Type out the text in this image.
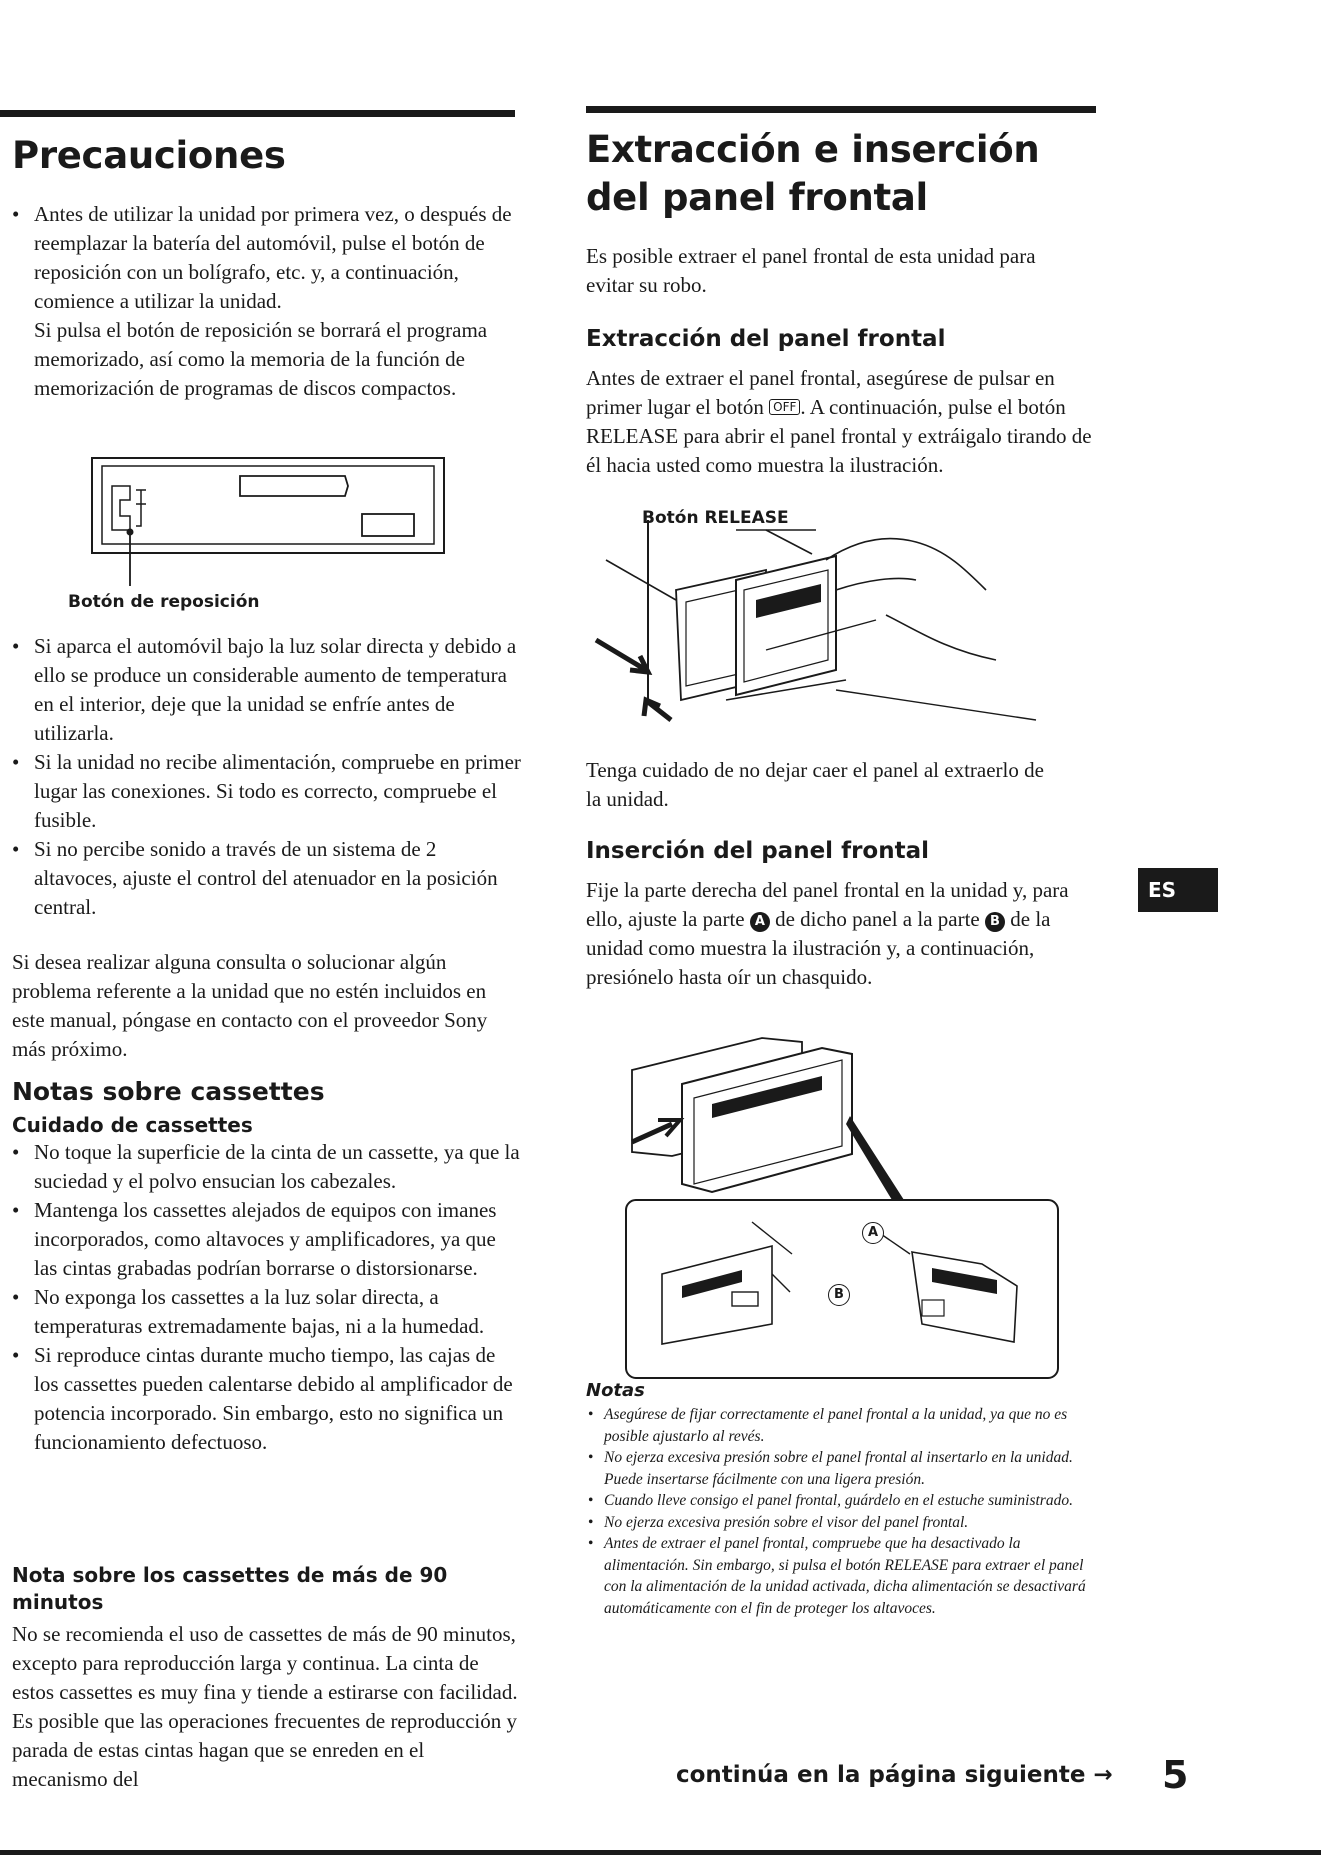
Precauciones
• Antes de utilizar la unidad por primera vez, o después de reemplazar la batería del automóvil, pulse el botón de reposición con un bolígrafo, etc. y, a continuación, comience a utilizar la unidad.
Si pulsa el botón de reposición se borrará el programa memorizado, así como la memoria de la función de memorización de programas de discos compactos.
Botón de reposición
• Si aparca el automóvil bajo la luz solar directa y debido a ello se produce un considerable aumento de temperatura en el interior, deje que la unidad se enfríe antes de utilizarla.
• Si la unidad no recibe alimentación, compruebe en primer lugar las conexiones. Si todo es correcto, compruebe el fusible.
• Si no percibe sonido a través de un sistema de 2 altavoces, ajuste el control del atenuador en la posición central.

Si desea realizar alguna consulta o solucionar algún problema referente a la unidad que no estén incluidos en este manual, póngase en contacto con el proveedor Sony más próximo.

Notas sobre cassettes
Cuidado de cassettes
• No toque la superficie de la cinta de un cassette, ya que la suciedad y el polvo ensucian los cabezales.
• Mantenga los cassettes alejados de equipos con imanes incorporados, como altavoces y amplificadores, ya que las cintas grabadas podrían borrarse o distorsionarse.
• No exponga los cassettes a la luz solar directa, a temperaturas extremadamente bajas, ni a la humedad.
• Si reproduce cintas durante mucho tiempo, las cajas de los cassettes pueden calentarse debido al amplificador de potencia incorporado. Sin embargo, esto no significa un funcionamiento defectuoso.
Nota sobre los cassettes de más de 90 minutos

No se recomienda el uso de cassettes de más de 90 minutos, excepto para reproducción larga y continua. La cinta de estos cassettes es muy fina y tiende a estirarse con facilidad. Es posible que las operaciones frecuentes de reproducción y parada de estas cintas hagan que se enreden en el mecanismo del

Extracción e inserción del panel frontal

Es posible extraer el panel frontal de esta unidad para evitar su robo.

Extracción del panel frontal

Antes de extraer el panel frontal, asegúrese de pulsar en primer lugar el botón OFF . A continuación, pulse el botón RELEASE para abrir el panel frontal y extráigalo tirando de él hacia usted como muestra la ilustración.

Botón RELEASE

Tenga cuidado de no dejar caer el panel al extraerlo de la unidad.

Inserción del panel frontal

Fije la parte derecha del panel frontal en la unidad y, para ello, ajuste la parte A de dicho panel a la parte B de la unidad como muestra la ilustración y, a continuación, presiónelo hasta oír un chasquido.

A
B
Notas
• Asegúrese de fijar correctamente el panel frontal a la unidad, ya que no es posible ajustarlo al revés.
• No ejerza excesiva presión sobre el panel frontal al insertarlo en la unidad. Puede insertarse fácilmente con una ligera presión.
• Cuando lleve consigo el panel frontal, guárdelo en el estuche suministrado.
• No ejerza excesiva presión sobre el visor del panel frontal.
• Antes de extraer el panel frontal, compruebe que ha desactivado la alimentación. Sin embargo, si pulsa el botón RELEASE para extraer el panel con la alimentación de la unidad activada, dicha alimentación se desactivará automáticamente con el fin de proteger los altavoces.
ES
continúa en la página siguiente → 5
